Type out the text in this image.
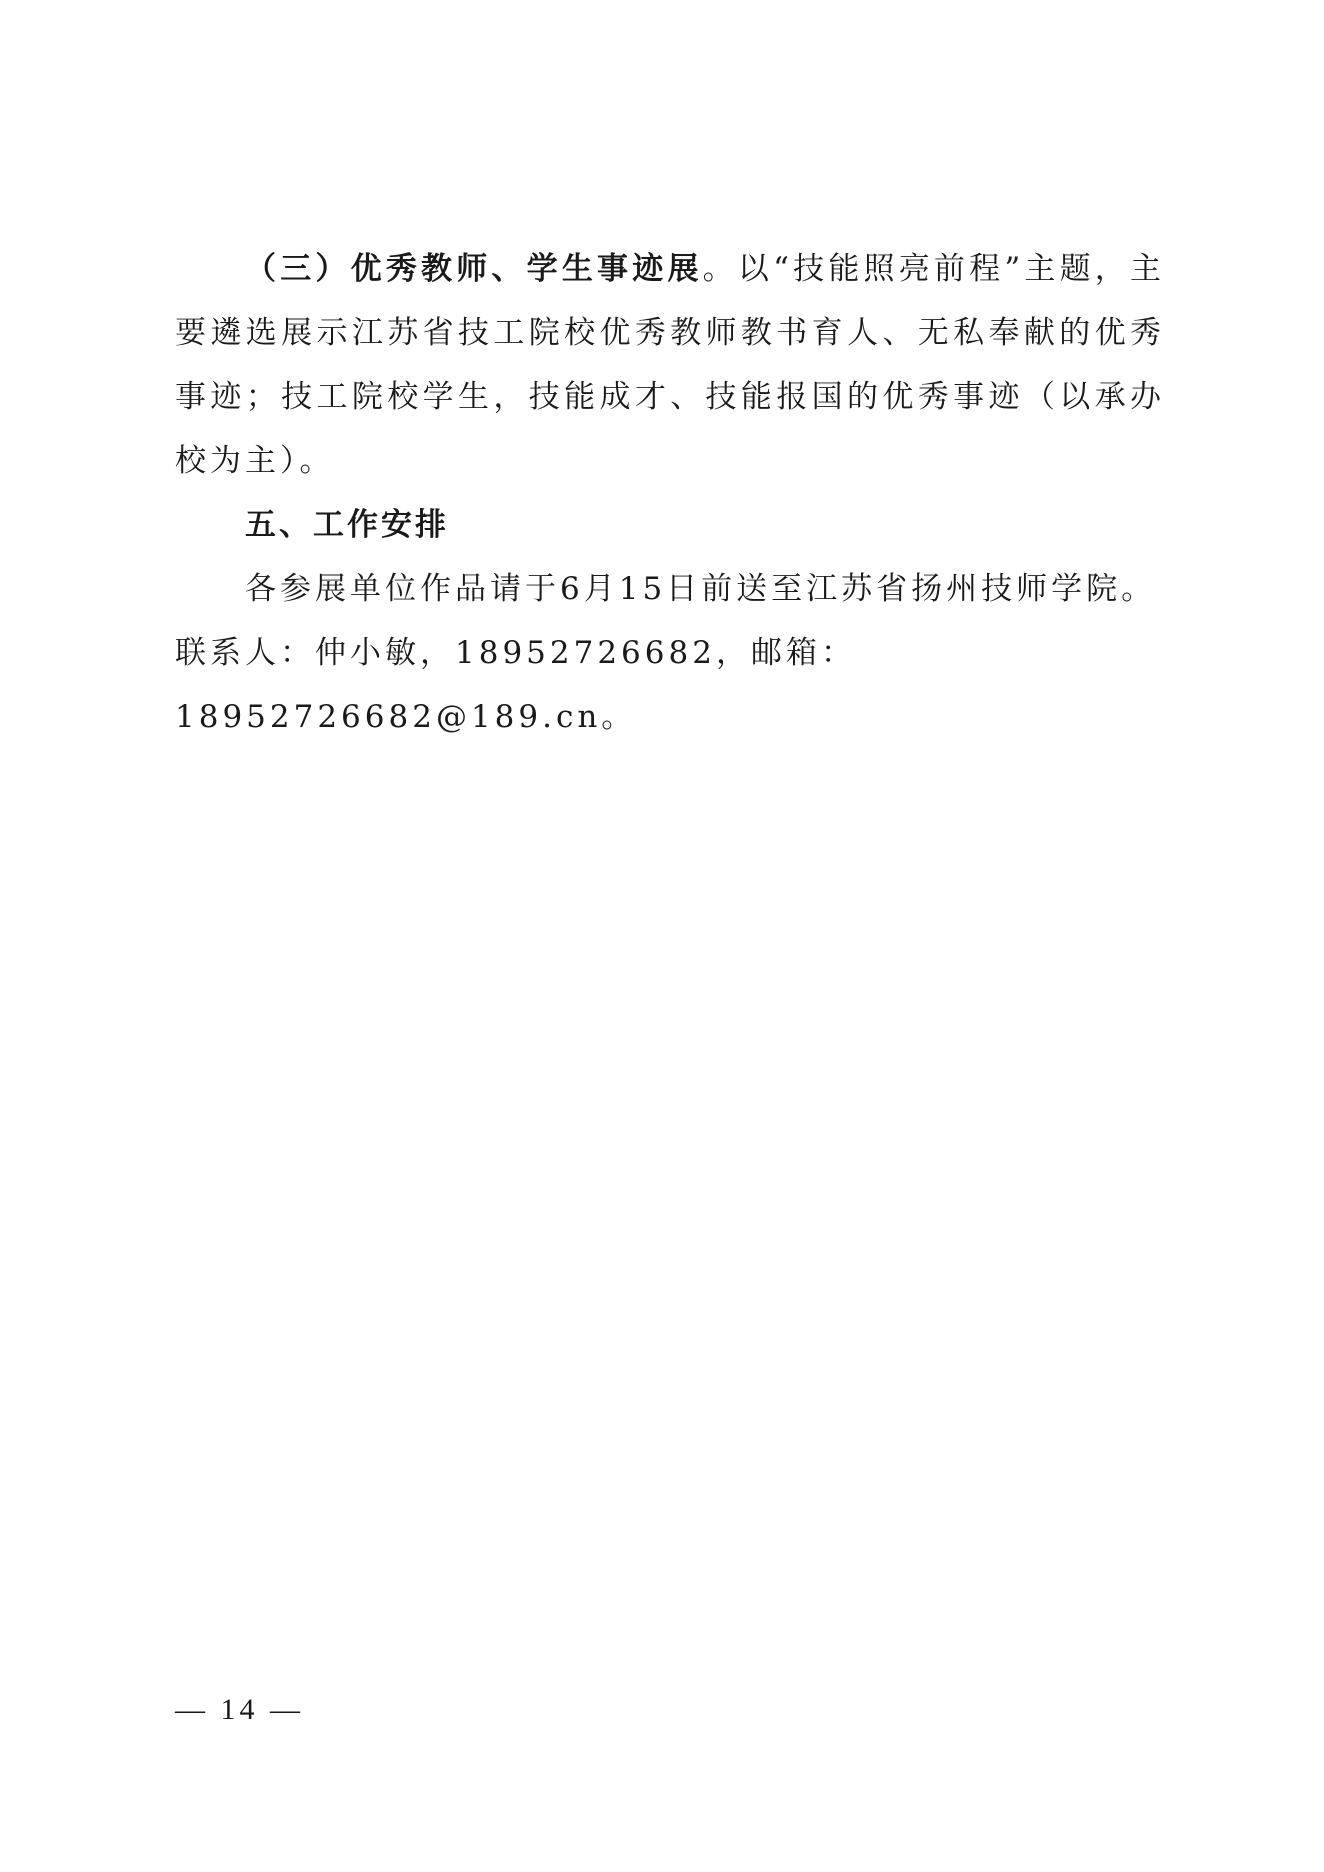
（三）优秀教师、学生事迹展。以“技能照亮前程”主题，主要遴选展示江苏省技工院校优秀教师教书育人、无私奉献的优秀事迹；技工院校学生，技能成才、技能报国的优秀事迹（以承办校为主）。

五、工作安排

各参展单位作品请于6月15日前送至江苏省扬州技师学院。

联系人：仲小敏，18952726682，邮箱：18952726682@189.cn。

— 14 —
